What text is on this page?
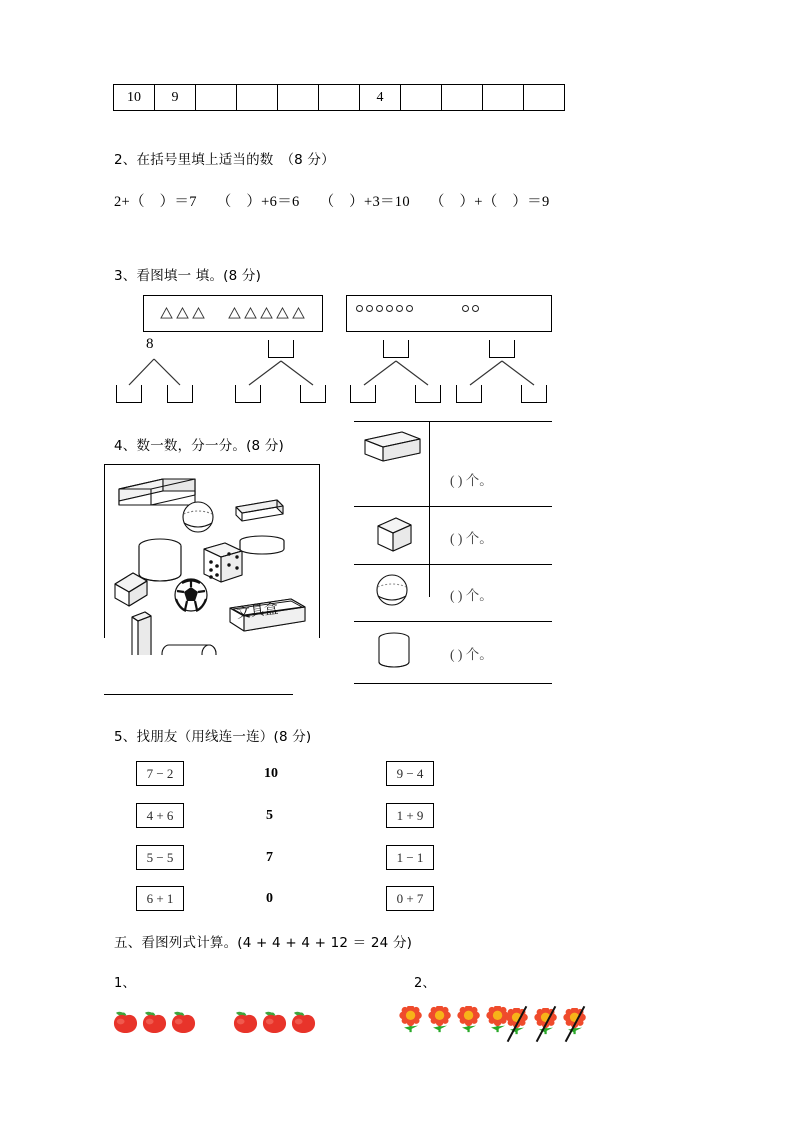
10	9					4				
2、在括号里填上适当的数　（8 分）
2+（　）＝7 （　）+6＝6 （　）+3＝10 （　）+（　）＝9
3、看图填一 填。(8 分)
8
4、数一数，分一分。(8 分)
文具盒
( ) 个。
( ) 个。
( ) 个。
( ) 个。
5、找朋友（用线连一连）(8 分)
7 − 2
4 + 6
5 − 5
6 + 1
10
5
7
0
9 − 4
1 + 9
1 − 1
0 + 7
五、看图列式计算。(4 + 4 + 4 + 12 ＝ 24 分)
1、	2、
